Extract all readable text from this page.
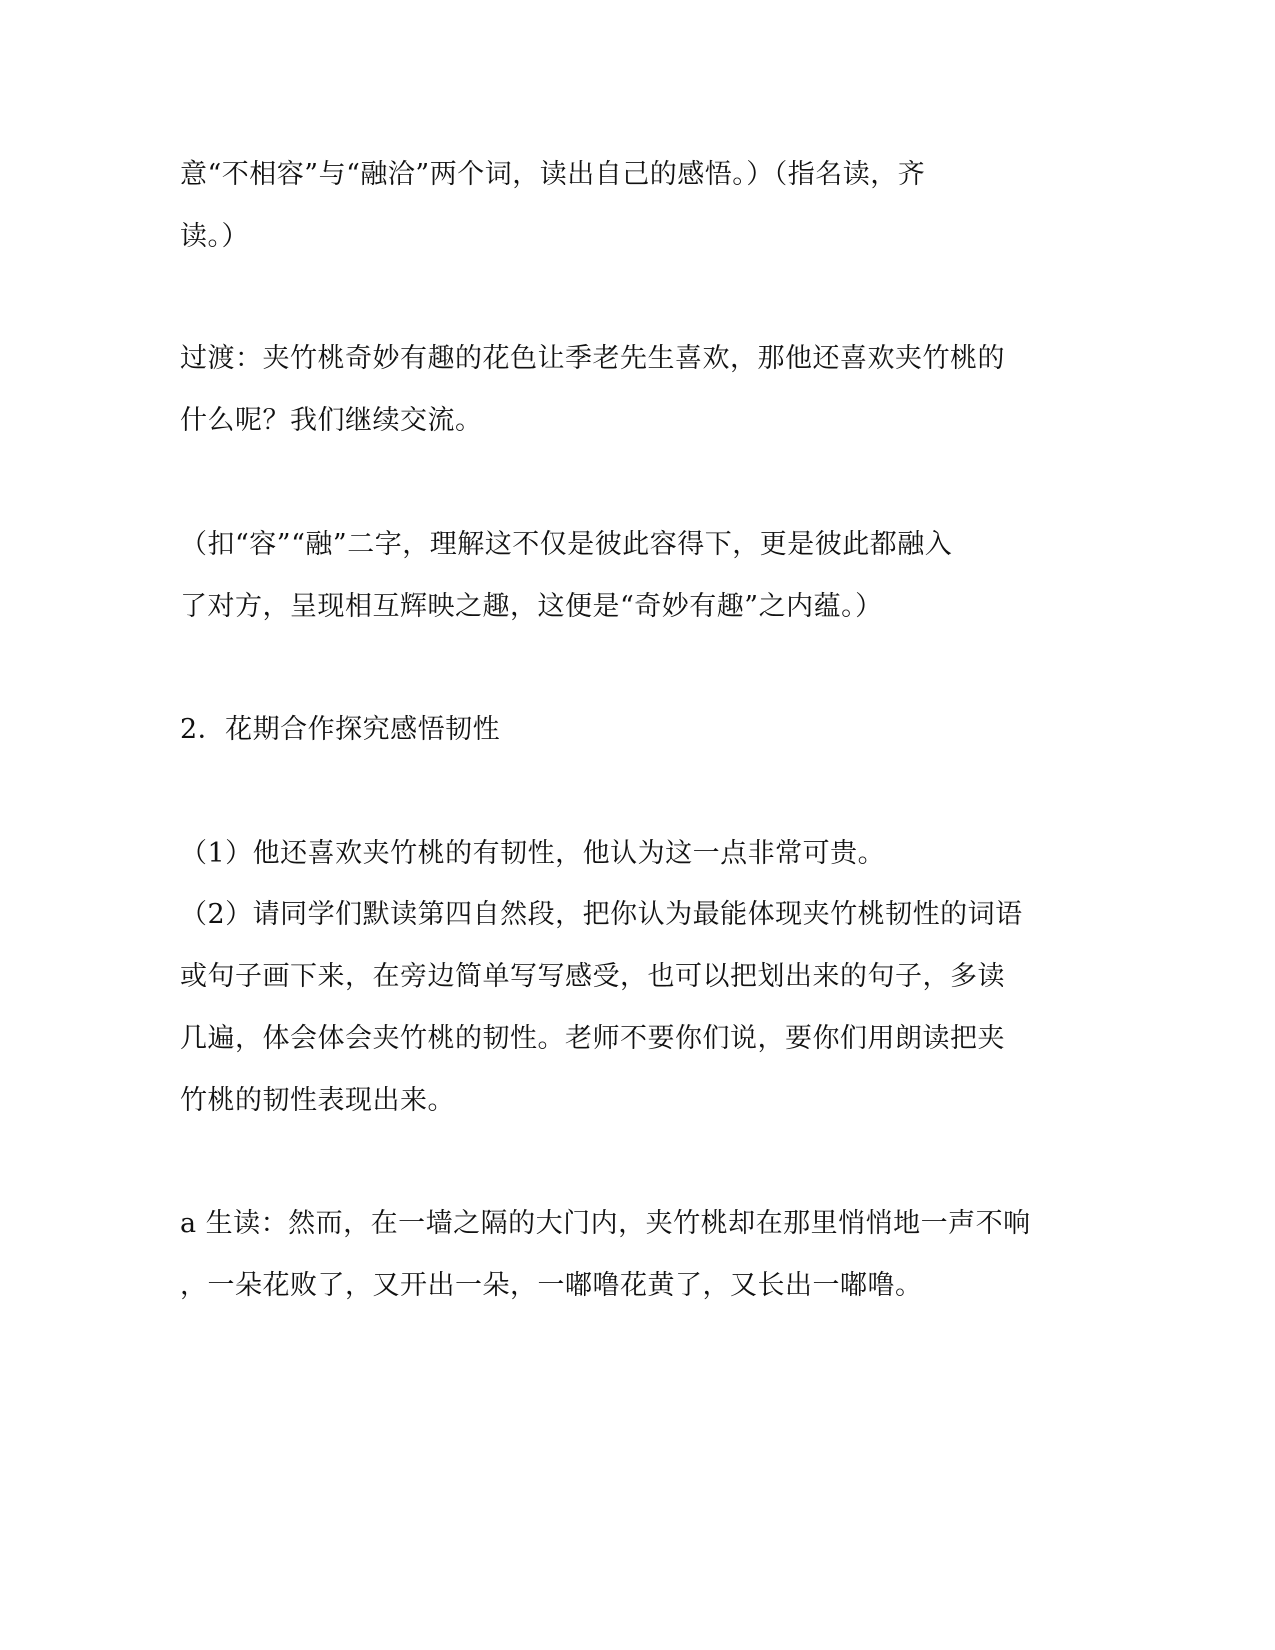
意“不相容”与“融洽”两个词，读出自己的感悟。）（指名读，齐
读。）
过渡：夹竹桃奇妙有趣的花色让季老先生喜欢，那他还喜欢夹竹桃的
什么呢？我们继续交流。
（扣“容”“融”二字，理解这不仅是彼此容得下，更是彼此都融入
了对方，呈现相互辉映之趣，这便是“奇妙有趣”之内蕴。）
2．花期合作探究感悟韧性
（1）他还喜欢夹竹桃的有韧性，他认为这一点非常可贵。
（2）请同学们默读第四自然段，把你认为最能体现夹竹桃韧性的词语
或句子画下来，在旁边简单写写感受，也可以把划出来的句子，多读
几遍，体会体会夹竹桃的韧性。老师不要你们说，要你们用朗读把夹
竹桃的韧性表现出来。
a 生读：然而，在一墙之隔的大门内，夹竹桃却在那里悄悄地一声不响
，一朵花败了，又开出一朵，一嘟噜花黄了，又长出一嘟噜。
